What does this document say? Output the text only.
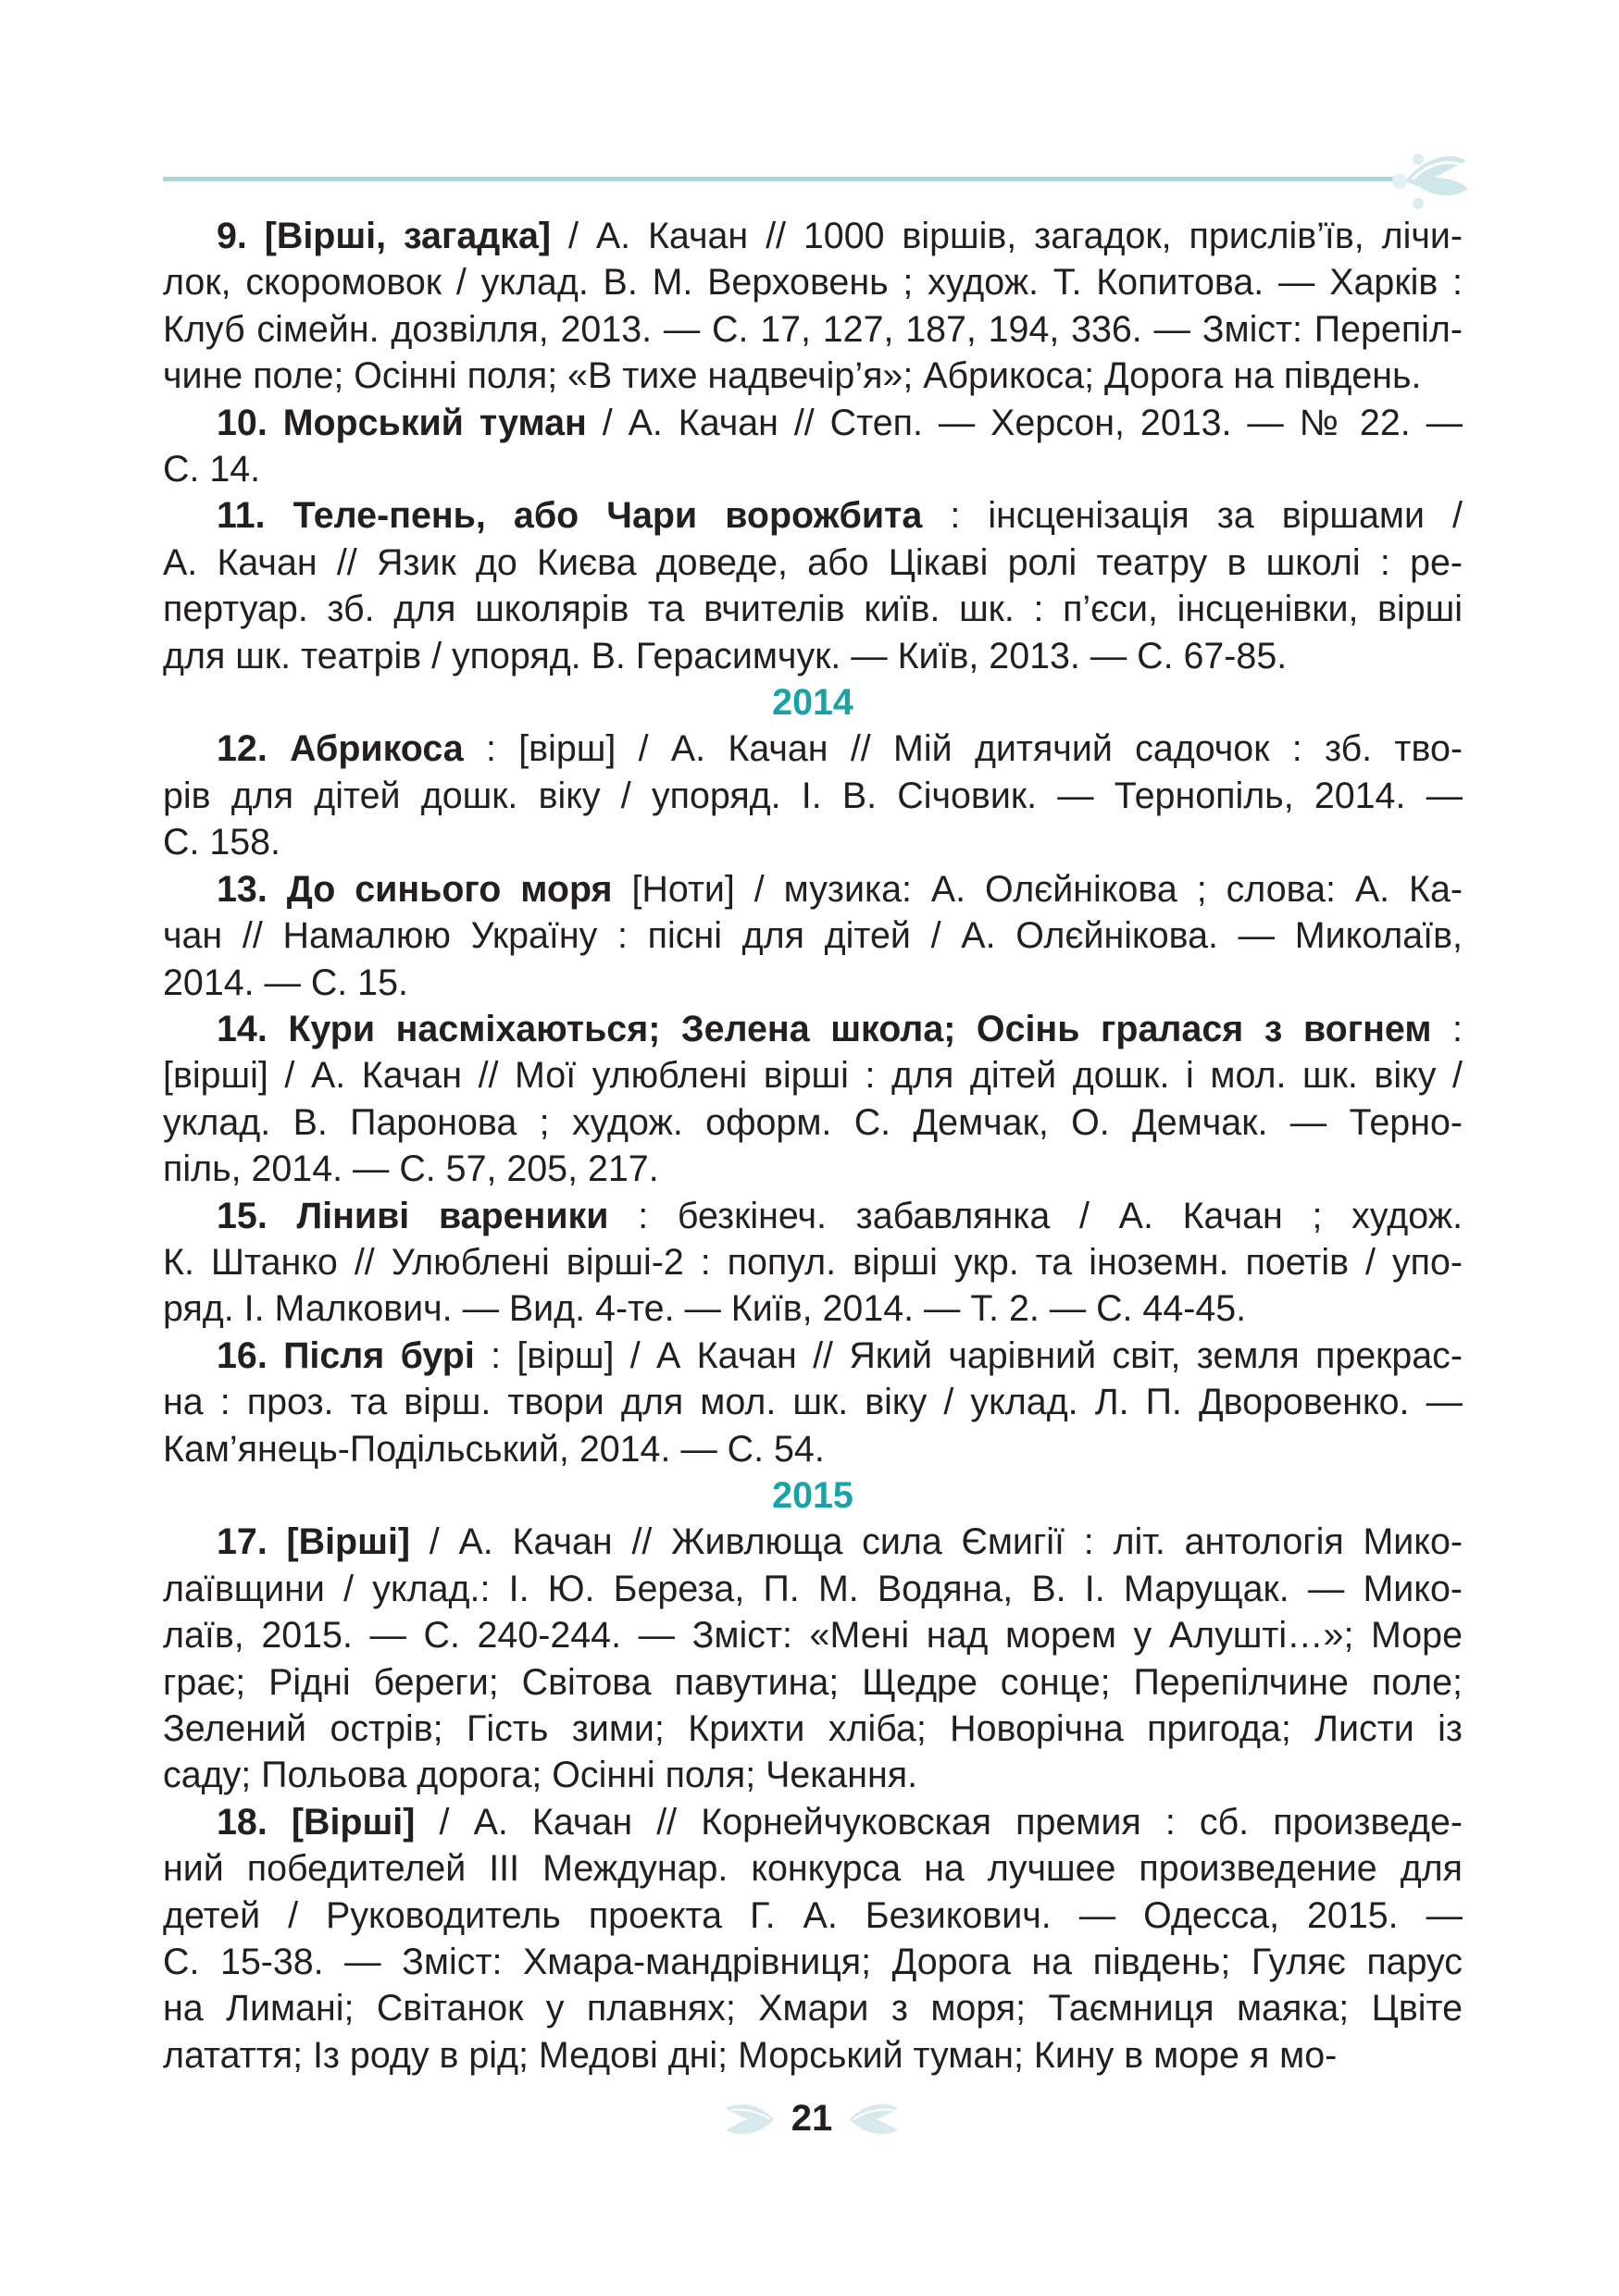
9. [Вірші, загадка] / А. Качан // 1000 віршів, загадок, прислів’їв, лічи-

лок, скоромовок / уклад. В. М. Верховень ; худож. Т. Копитова. — Харків :

Клуб сімейн. дозвілля, 2013. — С. 17, 127, 187, 194, 336. — Зміст: Перепіл-

чине поле; Осінні поля; «В тихе надвечір’я»; Абрикоса; Дорога на південь.

10. Морський туман / А. Качан // Степ. — Херсон, 2013. — № 22. —

С. 14.

11. Теле-пень, або Чари ворожбита : інсценізація за віршами /

А. Качан // Язик до Києва доведе, або Цікаві ролі театру в школі : ре-

пертуар. зб. для школярів та вчителів київ. шк. : п’єси, інсценівки, вірші

для шк. театрів / упоряд. В. Герасимчук. — Київ, 2013. — С. 67-85.

2014

12. Абрикоса : [вірш] / А. Качан // Мій дитячий садочок : зб. тво-

рів для дітей дошк. віку / упоряд. І. В. Січовик. — Тернопіль, 2014. —

С. 158.

13. До синього моря [Ноти] / музика: А. Олєйнікова ; слова: А. Ка-

чан // Намалюю Україну : пісні для дітей / А. Олєйнікова. — Миколаїв,

2014. — С. 15.

14. Кури насміхаються; Зелена школа; Осінь гралася з вогнем :

[вірші] / А. Качан // Мої улюблені вірші : для дітей дошк. і мол. шк. віку /

уклад. В. Паронова ; худож. оформ. С. Демчак, О. Демчак. — Терно-

піль, 2014. — С. 57, 205, 217.

15. Ліниві вареники : безкінеч. забавлянка / А. Качан ; худож.

К. Штанко // Улюблені вірші-2 : попул. вірші укр. та іноземн. поетів / упо-

ряд. І. Малкович. — Вид. 4-те. — Київ, 2014. — Т. 2. — С. 44-45.

16. Після бурі : [вірш] / А Качан // Який чарівний світ, земля прекрас-

на : проз. та вірш. твори для мол. шк. віку / уклад. Л. П. Дворовенко. —

Кам’янець-Подільський, 2014. — С. 54.

2015

17. [Вірші] / А. Качан // Живлюща сила Ємигії : літ. антологія Мико-

лаївщини / уклад.: І. Ю. Береза, П. М. Водяна, В. І. Марущак. — Мико-

лаїв, 2015. — С. 240-244. — Зміст: «Мені над морем у Алушті…»; Море

грає; Рідні береги; Світова павутина; Щедре сонце; Перепілчине поле;

Зелений острів; Гість зими; Крихти хліба; Новорічна пригода; Листи із

саду; Польова дорога; Осінні поля; Чекання.

18. [Вірші] / А. Качан // Корнейчуковская премия : сб. произведе-

ний победителей III Междунар. конкурса на лучшее произведение для

детей / Руководитель проекта Г. А. Безикович. — Одесса, 2015. —

С. 15-38. — Зміст: Хмара-мандрівниця; Дорога на південь; Гуляє парус

на Лимані; Світанок у плавнях; Хмари з моря; Таємниця маяка; Цвіте

латаття; Із роду в рід; Медові дні; Морський туман; Кину в море я мо-

21
